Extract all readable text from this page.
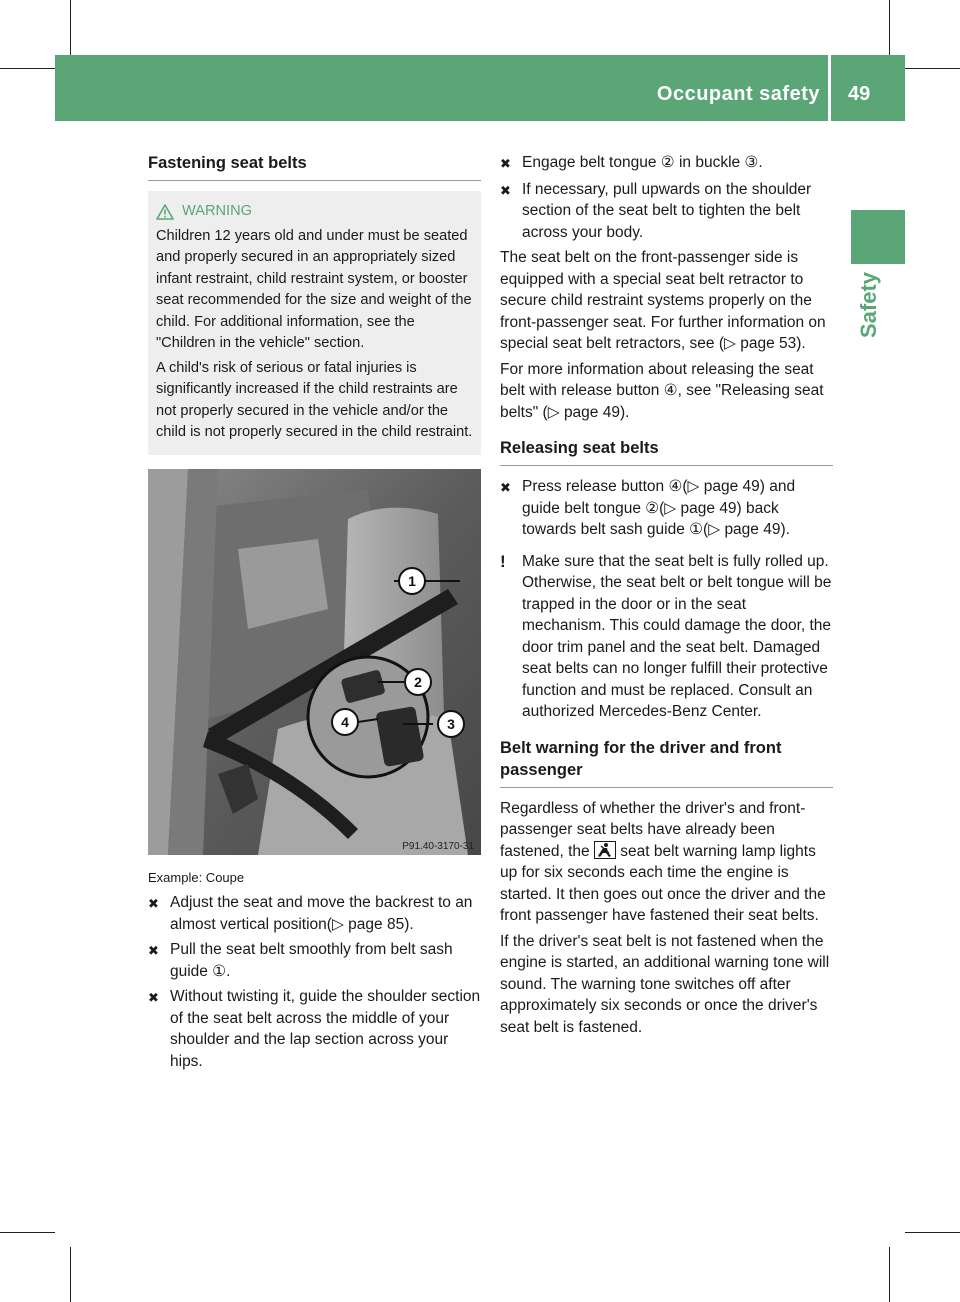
Occupant safety 49
Safety
Fastening seat belts
WARNING

Children 12 years old and under must be seated and properly secured in an appropriately sized infant restraint, child restraint system, or booster seat recommended for the size and weight of the child. For additional information, see the "Children in the vehicle" section.

A child's risk of serious or fatal injuries is significantly increased if the child restraints are not properly secured in the vehicle and/or the child is not properly secured in the child restraint.

1
2
3
4
P91.40-3170-31
Example: Coupe
✖ Adjust the seat and move the backrest to an almost vertical position(▷ page 85).
✖ Pull the seat belt smoothly from belt sash guide ①.
✖ Without twisting it, guide the shoulder section of the seat belt across the middle of your shoulder and the lap section across your hips.
✖ Engage belt tongue ② in buckle ③.
✖ If necessary, pull upwards on the shoulder section of the seat belt to tighten the belt across your body.

The seat belt on the front-passenger side is equipped with a special seat belt retractor to secure child restraint systems properly on the front-passenger seat. For further information on special seat belt retractors, see (▷ page 53).

For more information about releasing the seat belt with release button ④, see "Releasing seat belts" (▷ page 49).

Releasing seat belts
✖ Press release button ④(▷ page 49) and guide belt tongue ②(▷ page 49) back towards belt sash guide ①(▷ page 49).
!	Make sure that the seat belt is fully rolled up. Otherwise, the seat belt or belt tongue will be trapped in the door or in the seat mechanism. This could damage the door, the door trim panel and the seat belt. Damaged seat belts can no longer fulfill their protective function and must be replaced. Consult an authorized Mercedes-Benz Center.
Belt warning for the driver and front passenger

Regardless of whether the driver's and front-passenger seat belts have already been fastened, the seat belt warning lamp lights up for six seconds each time the engine is started. It then goes out once the driver and the front passenger have fastened their seat belts.

If the driver's seat belt is not fastened when the engine is started, an additional warning tone will sound. The warning tone switches off after approximately six seconds or once the driver's seat belt is fastened.
